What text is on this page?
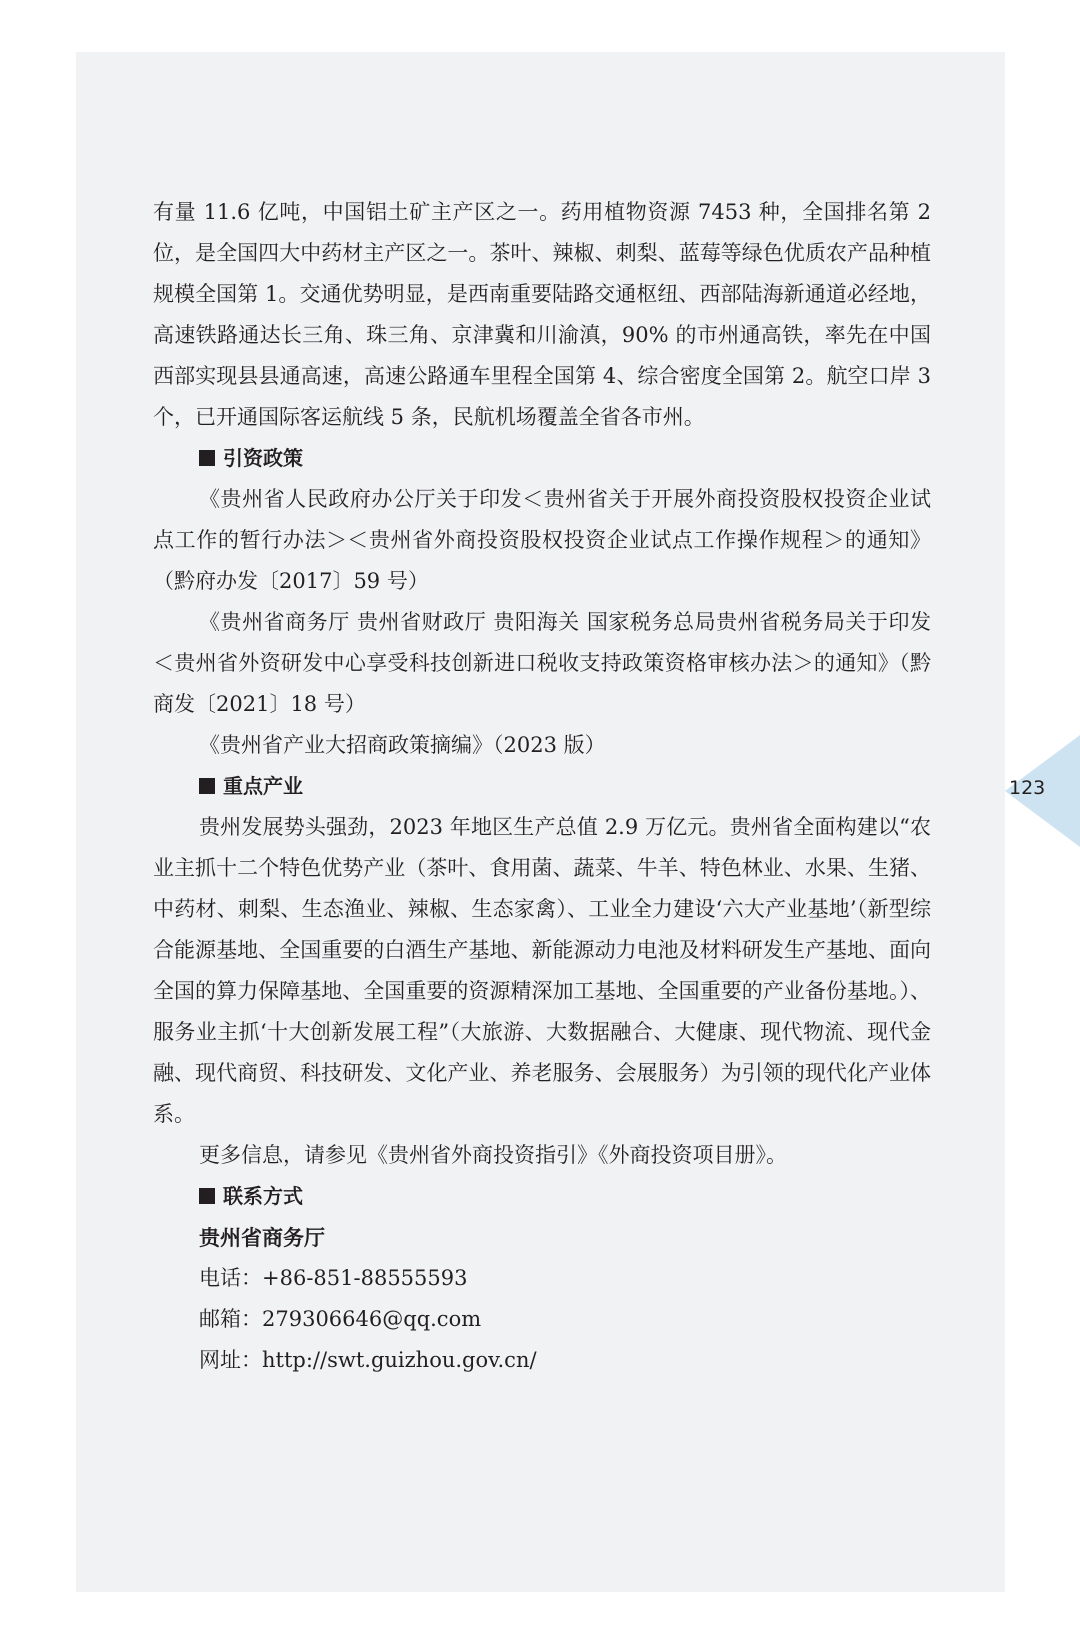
有量 11.6 亿吨，中国铝土矿主产区之一。药用植物资源 7453 种，全国排名第 2 位，是全国四大中药材主产区之一。茶叶、辣椒、刺梨、蓝莓等绿色优质农产品种植规模全国第 1。交通优势明显，是西南重要陆路交通枢纽、西部陆海新通道必经地，高速铁路通达长三角、珠三角、京津冀和川渝滇，90% 的市州通高铁，率先在中国西部实现县县通高速，高速公路通车里程全国第 4、综合密度全国第 2。航空口岸 3 个，已开通国际客运航线 5 条，民航机场覆盖全省各市州。

引资政策

《贵州省人民政府办公厅关于印发＜贵州省关于开展外商投资股权投资企业试点工作的暂行办法＞＜贵州省外商投资股权投资企业试点工作操作规程＞的通知》（黔府办发〔2017〕59 号）

《贵州省商务厅 贵州省财政厅 贵阳海关 国家税务总局贵州省税务局关于印发＜贵州省外资研发中心享受科技创新进口税收支持政策资格审核办法＞的通知》（黔商发〔2021〕18 号）

《贵州省产业大招商政策摘编》（2023 版）

重点产业

贵州发展势头强劲，2023 年地区生产总值 2.9 万亿元。贵州省全面构建以“农业主抓十二个特色优势产业（茶叶、食用菌、蔬菜、牛羊、特色林业、水果、生猪、中药材、刺梨、生态渔业、辣椒、生态家禽）、工业全力建设‘六大产业基地’（新型综合能源基地、全国重要的白酒生产基地、新能源动力电池及材料研发生产基地、面向全国的算力保障基地、全国重要的资源精深加工基地、全国重要的产业备份基地。）、服务业主抓‘十大创新发展工程”（大旅游、大数据融合、大健康、现代物流、现代金融、现代商贸、科技研发、文化产业、养老服务、会展服务）为引领的现代化产业体系。

更多信息，请参见《贵州省外商投资指引》《外商投资项目册》。

联系方式

贵州省商务厅

电话：+86-851-88555593

邮箱：279306646@qq.com

网址：http://swt.guizhou.gov.cn/

123
